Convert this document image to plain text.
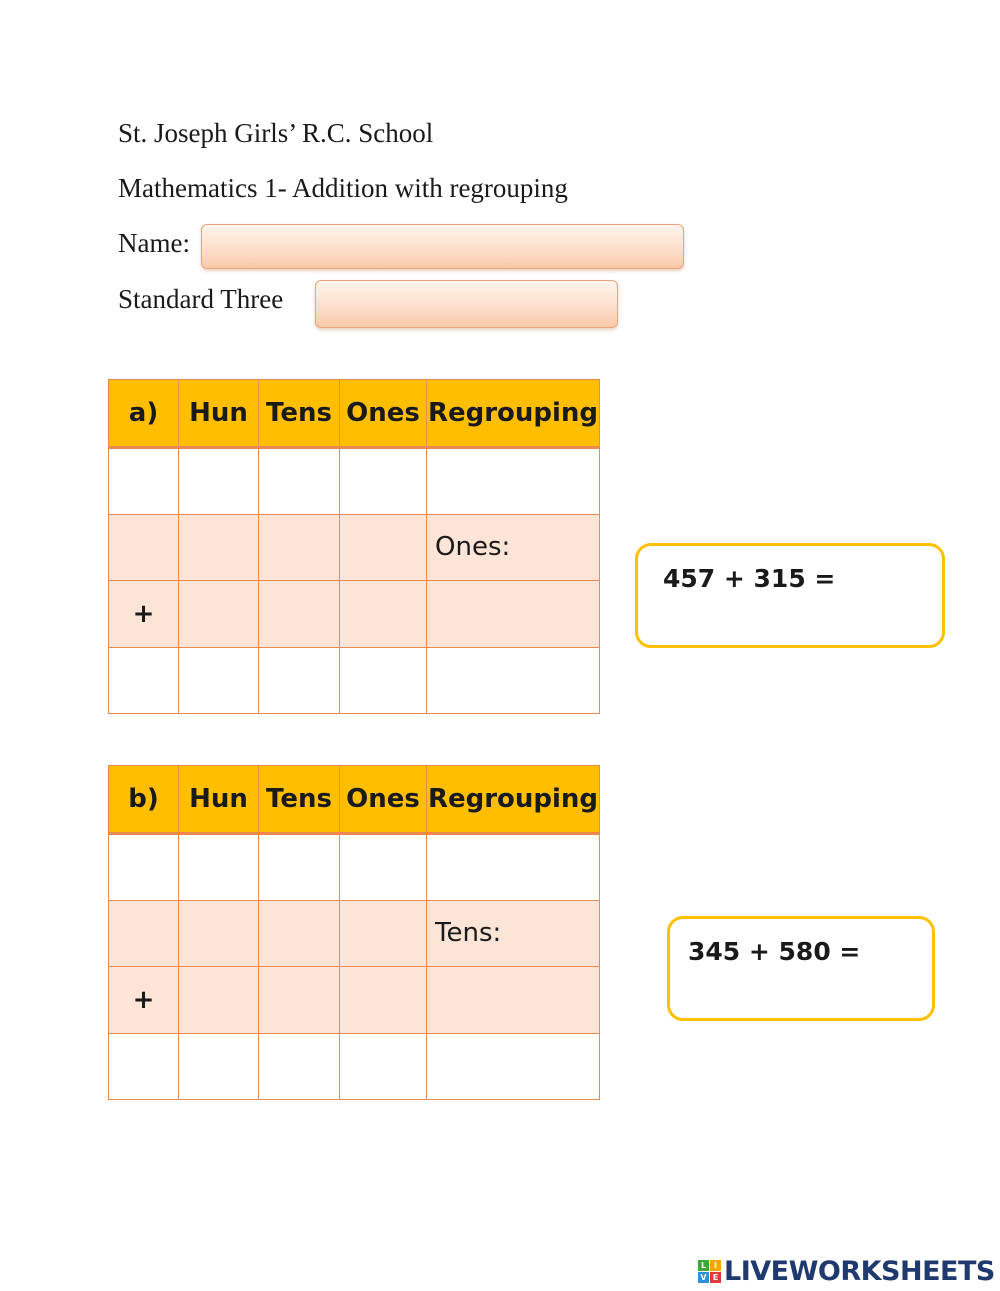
St. Joseph Girls’ R.C. School
Mathematics 1- Addition with regrouping
Name:
Standard Three
a)	Hun	Tens	Ones	Regrouping

				Ones:
+				

457 + 315 =
b)	Hun	Tens	Ones	Regrouping

				Tens:
+				

345 + 580 =
L I
V E LIVEWORKSHEETS
